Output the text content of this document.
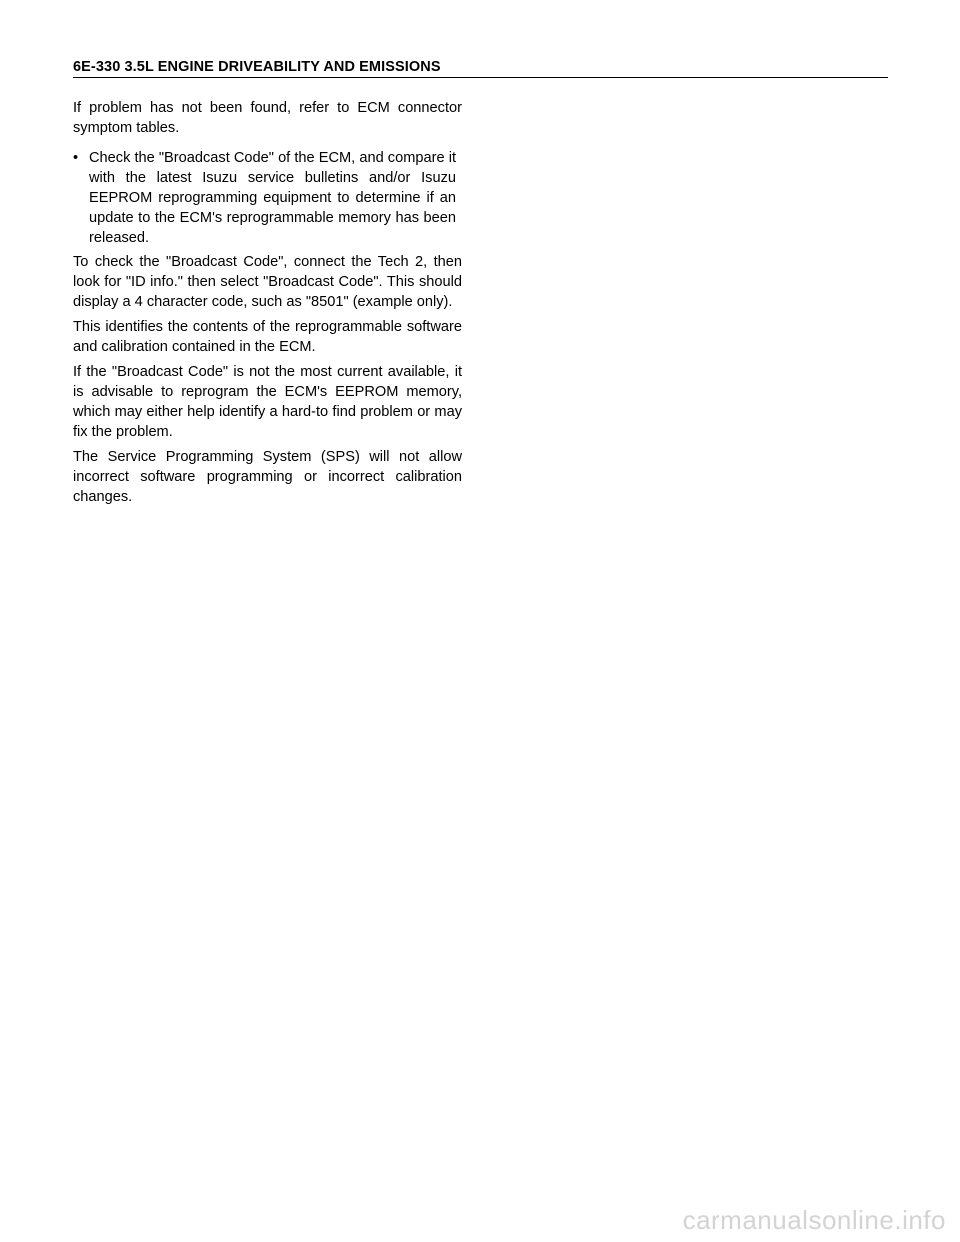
6E-330 3.5L ENGINE DRIVEABILITY AND EMISSIONS

If problem has not been found, refer to ECM connector symptom tables.

• Check the "Broadcast Code" of the ECM, and compare it with the latest Isuzu service bulletins and/or Isuzu EEPROM reprogramming equipment to determine if an update to the ECM's reprogrammable memory has been released.

To check the "Broadcast Code", connect the Tech 2, then look for "ID info." then select "Broadcast Code". This should display a 4 character code, such as "8501" (example only).

This identifies the contents of the reprogrammable software and calibration contained in the ECM.

If the "Broadcast Code" is not the most current available, it is advisable to reprogram the ECM's EEPROM memory, which may either help identify a hard-to find problem or may fix the problem.

The Service Programming System (SPS) will not allow incorrect software programming or incorrect calibration changes.

carmanualsonline.info
